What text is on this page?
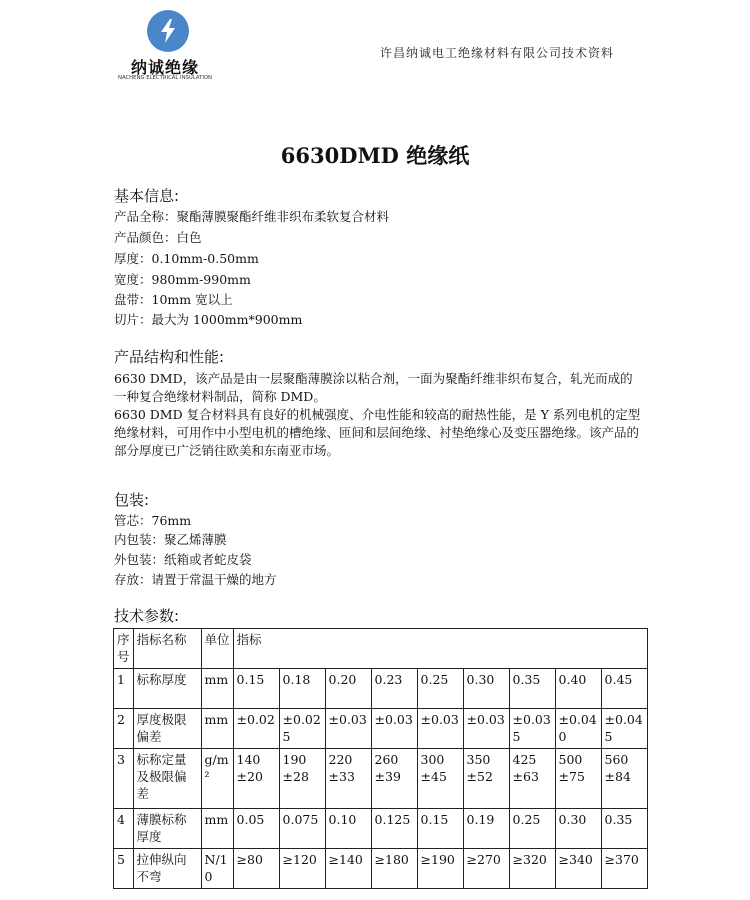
纳诚绝缘
NACHENG ELECTRICAL INSULATION
许昌纳诚电工绝缘材料有限公司技术资料
6630DMD 绝缘纸
基本信息:
产品全称：聚酯薄膜聚酯纤维非织布柔软复合材料
产品颜色：白色
厚度：0.10mm-0.50mm
宽度：980mm-990mm
盘带：10mm 宽以上
切片：最大为 1000mm*900mm
产品结构和性能:

6630 DMD，该产品是由一层聚酯薄膜涂以粘合剂，一面为聚酯纤维非织布复合，轧光而成的一种复合绝缘材料制品，简称 DMD。

6630 DMD 复合材料具有良好的机械强度、介电性能和较高的耐热性能，是 Y 系列电机的定型绝缘材料，可用作中小型电机的槽绝缘、匝间和层间绝缘、衬垫绝缘心及变压器绝缘。该产品的部分厚度已广泛销往欧美和东南亚市场。

包装:
管芯：76mm
内包装：聚乙烯薄膜
外包装：纸箱或者蛇皮袋
存放：请置于常温干燥的地方
技术参数:
序号	指标名称	单位	指标								
1	标称厚度	mm	0.15	0.18	0.20	0.23	0.25	0.30	0.35	0.40	0.45
2	厚度极限偏差	mm	±0.02	±0.025	±0.03	±0.03	±0.03	±0.03	±0.035	±0.040	±0.045
3	标称定量及极限偏差	g/m²	140±20	190±28	220±33	260±39	300±45	350±52	425±63	500±75	560±84
4	薄膜标称厚度	mm	0.05	0.075	0.10	0.125	0.15	0.19	0.25	0.30	0.35
5	拉伸纵向不弯	N/10	≥80	≥120	≥140	≥180	≥190	≥270	≥320	≥340	≥370
